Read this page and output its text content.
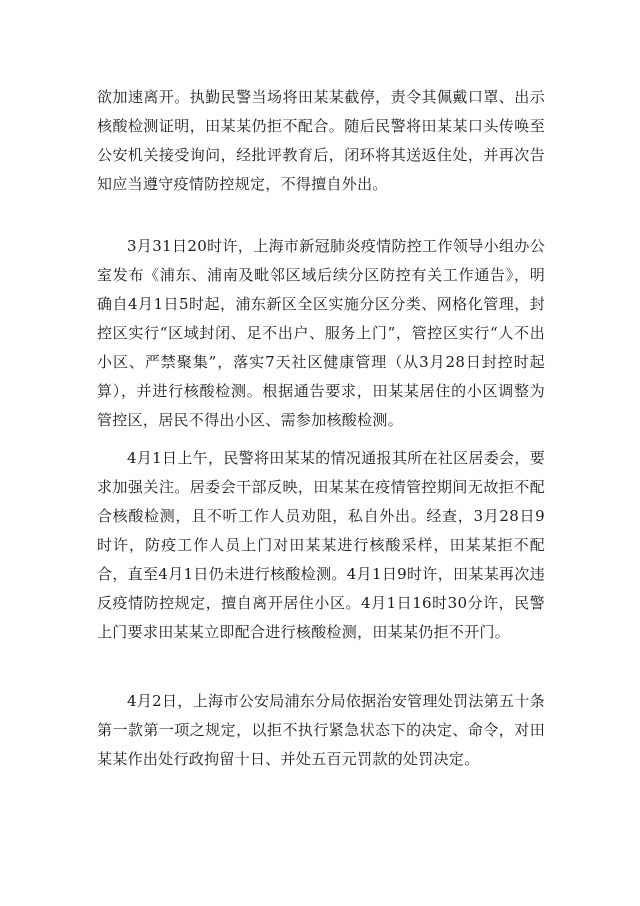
欲加速离开。执勤民警当场将田某某截停，责令其佩戴口罩、出示核酸检测证明，田某某仍拒不配合。随后民警将田某某口头传唤至公安机关接受询问，经批评教育后，闭环将其送返住处，并再次告知应当遵守疫情防控规定，不得擅自外出。

3月31日20时许，上海市新冠肺炎疫情防控工作领导小组办公室发布《浦东、浦南及毗邻区域后续分区防控有关工作通告》，明确自4月1日5时起，浦东新区全区实施分区分类、网格化管理，封控区实行“区域封闭、足不出户、服务上门”，管控区实行“人不出小区、严禁聚集”，落实7天社区健康管理（从3月28日封控时起算），并进行核酸检测。根据通告要求，田某某居住的小区调整为管控区，居民不得出小区、需参加核酸检测。

4月1日上午，民警将田某某的情况通报其所在社区居委会，要求加强关注。居委会干部反映，田某某在疫情管控期间无故拒不配合核酸检测，且不听工作人员劝阻，私自外出。经查，3月28日9时许，防疫工作人员上门对田某某进行核酸采样，田某某拒不配合，直至4月1日仍未进行核酸检测。4月1日9时许，田某某再次违反疫情防控规定，擅自离开居住小区。4月1日16时30分许，民警上门要求田某某立即配合进行核酸检测，田某某仍拒不开门。

4月2日，上海市公安局浦东分局依据治安管理处罚法第五十条第一款第一项之规定，以拒不执行紧急状态下的决定、命令，对田某某作出处行政拘留十日、并处五百元罚款的处罚决定。
